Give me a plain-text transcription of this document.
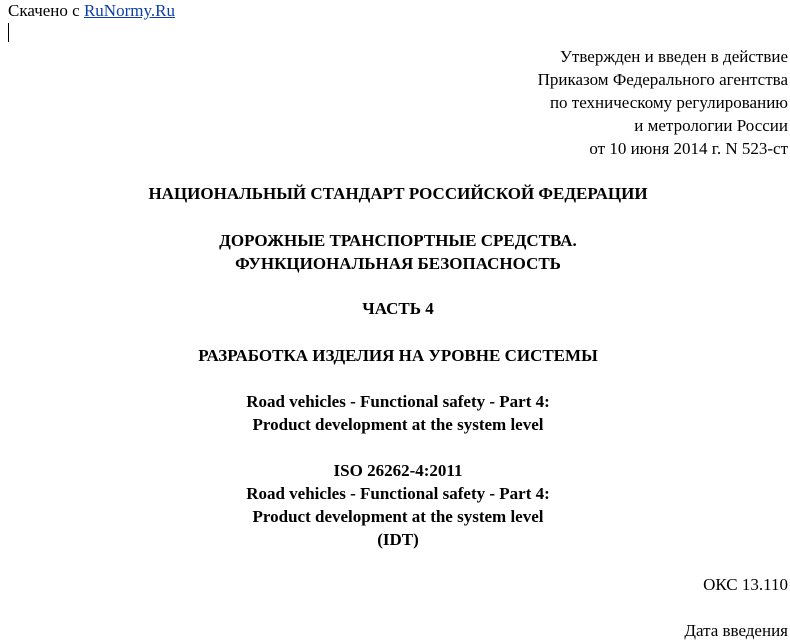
Скачено с RuNormy.Ru
Утвержден и введен в действие
Приказом Федерального агентства
по техническому регулированию
и метрологии России
от 10 июня 2014 г. N 523-ст
НАЦИОНАЛЬНЫЙ СТАНДАРТ РОССИЙСКОЙ ФЕДЕРАЦИИ
ДОРОЖНЫЕ ТРАНСПОРТНЫЕ СРЕДСТВА.
ФУНКЦИОНАЛЬНАЯ БЕЗОПАСНОСТЬ
ЧАСТЬ 4
РАЗРАБОТКА ИЗДЕЛИЯ НА УРОВНЕ СИСТЕМЫ
Road vehicles - Functional safety - Part 4:
Product development at the system level
ISO 26262-4:2011
Road vehicles - Functional safety - Part 4:
Product development at the system level
(IDT)
ОКС 13.110
Дата введения
